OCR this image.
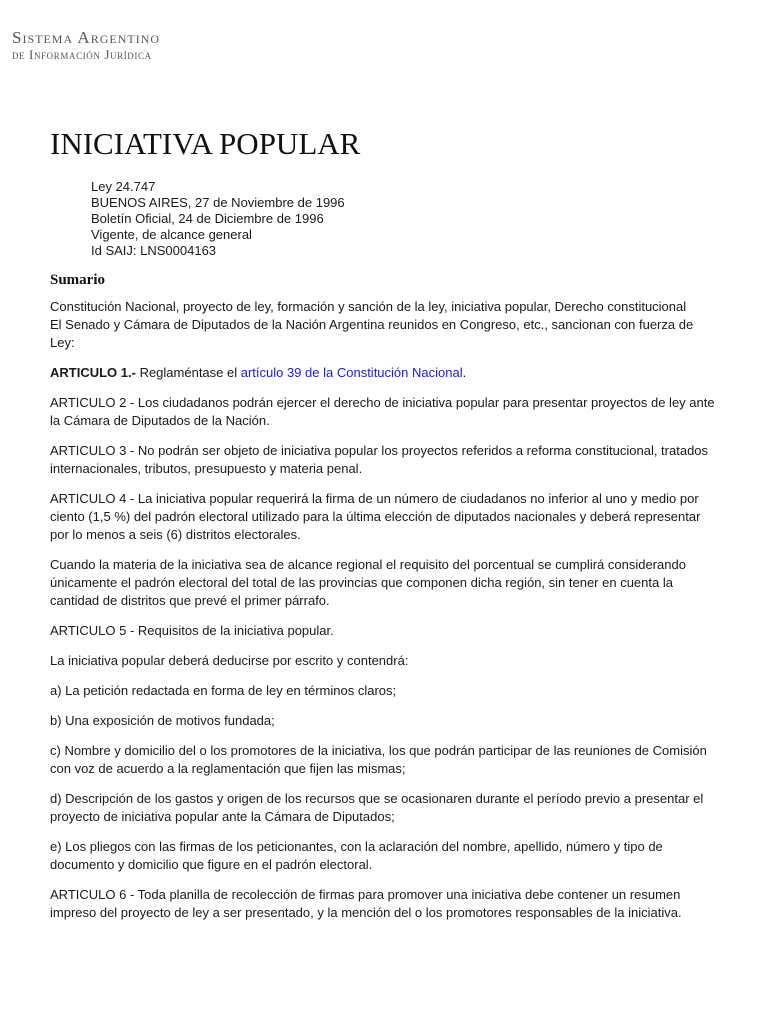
Sistema Argentino
de Información Jurídica
INICIATIVA POPULAR
Ley 24.747
BUENOS AIRES, 27 de Noviembre de 1996
Boletín Oficial, 24 de Diciembre de 1996
Vigente, de alcance general
Id SAIJ: LNS0004163
Sumario

Constitución Nacional, proyecto de ley, formación y sanción de la ley, iniciativa popular, Derecho constitucional

El Senado y Cámara de Diputados de la Nación Argentina reunidos en Congreso, etc., sancionan con fuerza de Ley:

ARTICULO 1.- Reglaméntase el artículo 39 de la Constitución Nacional.

ARTICULO 2 - Los ciudadanos podrán ejercer el derecho de iniciativa popular para presentar proyectos de ley ante la Cámara de Diputados de la Nación.

ARTICULO 3 - No podrán ser objeto de iniciativa popular los proyectos referidos a reforma constitucional, tratados internacionales, tributos, presupuesto y materia penal.

ARTICULO 4 - La iniciativa popular requerirá la firma de un número de ciudadanos no inferior al uno y medio por ciento (1,5 %) del padrón electoral utilizado para la última elección de diputados nacionales y deberá representar por lo menos a seis (6) distritos electorales.

Cuando la materia de la iniciativa sea de alcance regional el requisito del porcentual se cumplirá considerando únicamente el padrón electoral del total de las provincias que componen dicha región, sin tener en cuenta la cantidad de distritos que prevé el primer párrafo.

ARTICULO 5 - Requisitos de la iniciativa popular.

La iniciativa popular deberá deducirse por escrito y contendrá:

a) La petición redactada en forma de ley en términos claros;

b) Una exposición de motivos fundada;

c) Nombre y domicilio del o los promotores de la iniciativa, los que podrán participar de las reuniones de Comisión con voz de acuerdo a la reglamentación que fijen las mismas;

d) Descripción de los gastos y origen de los recursos que se ocasionaren durante el período previo a presentar el proyecto de iniciativa popular ante la Cámara de Diputados;

e) Los pliegos con las firmas de los peticionantes, con la aclaración del nombre, apellido, número y tipo de documento y domicilio que figure en el padrón electoral.

ARTICULO 6 - Toda planilla de recolección de firmas para promover una iniciativa debe contener un resumen impreso del proyecto de ley a ser presentado, y la mención del o los promotores responsables de la iniciativa.
